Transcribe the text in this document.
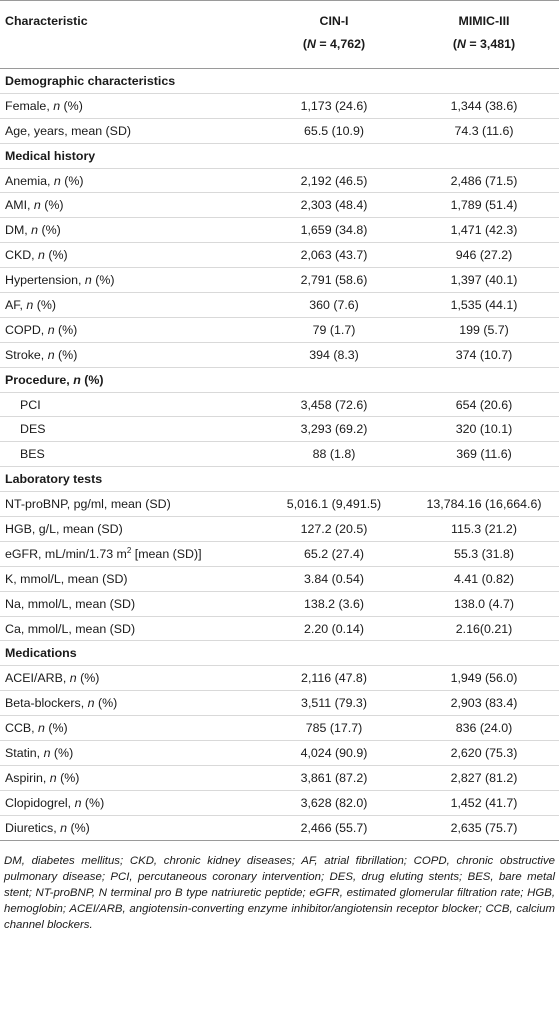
Characteristic	CIN-I	MIMIC-III
	(N = 4,762)	(N = 3,481)
Demographic characteristics		
Female, n (%)	1,173 (24.6)	1,344 (38.6)
Age, years, mean (SD)	65.5 (10.9)	74.3 (11.6)
Medical history		
Anemia, n (%)	2,192 (46.5)	2,486 (71.5)
AMI, n (%)	2,303 (48.4)	1,789 (51.4)
DM, n (%)	1,659 (34.8)	1,471 (42.3)
CKD, n (%)	2,063 (43.7)	946 (27.2)
Hypertension, n (%)	2,791 (58.6)	1,397 (40.1)
AF, n (%)	360 (7.6)	1,535 (44.1)
COPD, n (%)	79 (1.7)	199 (5.7)
Stroke, n (%)	394 (8.3)	374 (10.7)
Procedure, n (%)		
PCI	3,458 (72.6)	654 (20.6)
DES	3,293 (69.2)	320 (10.1)
BES	88 (1.8)	369 (11.6)
Laboratory tests		
NT-proBNP, pg/ml, mean (SD)	5,016.1 (9,491.5)	13,784.16 (16,664.6)
HGB, g/L, mean (SD)	127.2 (20.5)	115.3 (21.2)
eGFR, mL/min/1.73 $m^2$ [mean (SD)]	65.2 (27.4)	55.3 (31.8)
K, mmol/L, mean (SD)	3.84 (0.54)	4.41 (0.82)
Na, mmol/L, mean (SD)	138.2 (3.6)	138.0 (4.7)
Ca, mmol/L, mean (SD)	2.20 (0.14)	2.16(0.21)
Medications		
ACEI/ARB, n (%)	2,116 (47.8)	1,949 (56.0)
Beta-blockers, n (%)	3,511 (79.3)	2,903 (83.4)
CCB, n (%)	785 (17.7)	836 (24.0)
Statin, n (%)	4,024 (90.9)	2,620 (75.3)
Aspirin, n (%)	3,861 (87.2)	2,827 (81.2)
Clopidogrel, n (%)	3,628 (82.0)	1,452 (41.7)
Diuretics, n (%)	2,466 (55.7)	2,635 (75.7)
DM, diabetes mellitus; CKD, chronic kidney diseases; AF, atrial fibrillation; COPD, chronic obstructive pulmonary disease; PCI, percutaneous coronary intervention; DES, drug eluting stents; BES, bare metal stent; NT-proBNP, N terminal pro B type natriuretic peptide; eGFR, estimated glomerular filtration rate; HGB, hemoglobin; ACEI/ARB, angiotensin-converting enzyme inhibitor/angiotensin receptor blocker; CCB, calcium channel blockers.
